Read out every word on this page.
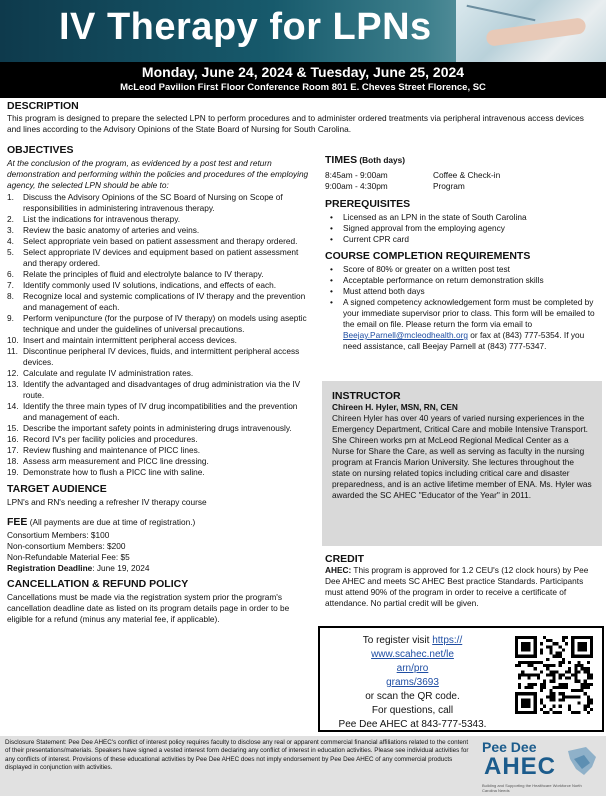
IV Therapy for LPNs
Monday, June 24, 2024 & Tuesday, June 25, 2024
McLeod Pavilion First Floor Conference Room 801 E. Cheves Street Florence, SC
DESCRIPTION

This program is designed to prepare the selected LPN to perform procedures and to administer ordered treatments via peripheral intravenous access devices and lines according to the Advisory Opinions of the State Board of Nursing for South Carolina.

OBJECTIVES
At the conclusion of the program, as evidenced by a post test and return demonstration and performing within the policies and procedures of the employing agency, the selected LPN should be able to:
1.	Discuss the Advisory Opinions of the SC Board of Nursing on Scope of responsibilities in administering intravenous therapy.
2.	List the indications for intravenous therapy.
3.	Review the basic anatomy of arteries and veins.
4.	Select appropriate vein based on patient assessment and therapy ordered.
5.	Select appropriate IV devices and equipment based on patient assessment and therapy ordered.
6.	Relate the principles of fluid and electrolyte balance to IV therapy.
7.	Identify commonly used IV solutions, indications, and effects of each.
8.	Recognize local and systemic complications of IV therapy and the prevention and management of each.
9.	Perform venipuncture (for the purpose of IV therapy) on models using aseptic technique and under the guidelines of universal precautions.
10. Insert and maintain intermittent peripheral access devices.
11. Discontinue peripheral IV devices, fluids, and intermittent peripheral access devices.
12. Calculate and regulate IV administration rates.
13. Identify the advantaged and disadvantages of drug administration via the IV route.
14. Identify the three main types of IV drug incompatibilities and the prevention and management of each.
15. Describe the important safety points in administering drugs intravenously.
16. Record IV's per facility policies and procedures.
17. Review flushing and maintenance of PICC lines.
18. Assess arm measurement and PICC line dressing.
19. Demonstrate how to flush a PICC line with saline.
TARGET AUDIENCE
LPN's and RN's needing a refresher IV therapy course
FEE (All payments are due at time of registration.)
Consortium Members: $100
Non-consortium Members: $200
Non-Refundable Material Fee: $5
Registration Deadline: June 19, 2024
CANCELLATION & REFUND POLICY
Cancellations must be made via the registration system prior the program's cancellation deadline date as listed on its program details page in order to be eligible for a refund (minus any material fee, if applicable).
TIMES (Both days)
8:45am - 9:00am	Coffee & Check-in
9:00am - 4:30pm	Program
PREREQUISITES
•	Licensed as an LPN in the state of South Carolina
•	Signed approval from the employing agency
•	Current CPR card
COURSE COMPLETION REQUIREMENTS
•	Score of 80% or greater on a written post test
•	Acceptable performance on return demonstration skills
•	Must attend both days
•	A signed competency acknowledgement form must be completed by your immediate supervisor prior to class. This form will be emailed to the email on file. Please return the form via email to Beejay.Parnell@mcleodhealth.org or fax at (843) 777-5354. If you need assistance, call Beejay Parnell at (843) 777-5347.
INSTRUCTOR
Chireen H. Hyler, MSN, RN, CEN
Chireen Hyler has over 40 years of varied nursing experiences in the Emergency Department, Critical Care and mobile Intensive Transport. She Chireen works prn at McLeod Regional Medical Center as a Nurse for Share the Care, as well as serving as faculty in the nursing program at Francis Marion University. She lectures throughout the state on nursing related topics including critical care and disaster preparedness, and is an active lifetime member of ENA. Ms. Hyler was awarded the SC AHEC "Educator of the Year" in 2011.
CREDIT
AHEC: This program is approved for 1.2 CEU's (12 clock hours) by Pee Dee AHEC and meets SC AHEC Best practice Standards. Participants must attend 90% of the program in order to receive a certificate of attendance. No partial credit will be given.
To register visit https://
www.scahec.net/le
arn/pro
grams/3693
or scan the QR code.
For questions, call
Pee Dee AHEC at 843-777-5343.
Disclosure Statement: Pee Dee AHEC's conflict of interest policy requires faculty to disclose any real or apparent commercial financial affiliations related to the content of their presentations/materials. Speakers have signed a vested interest form declaring any conflict of interest in education activities. Please see individual activities for any conflicts of interest. Provisions of these educational activities by Pee Dee AHEC does not imply endorsement by Pee Dee AHEC of any commercial products displayed in conjunction with activities.
Pee Dee
AHEC
Building and Supporting the Healthcare Workforce North Carolina Needs
